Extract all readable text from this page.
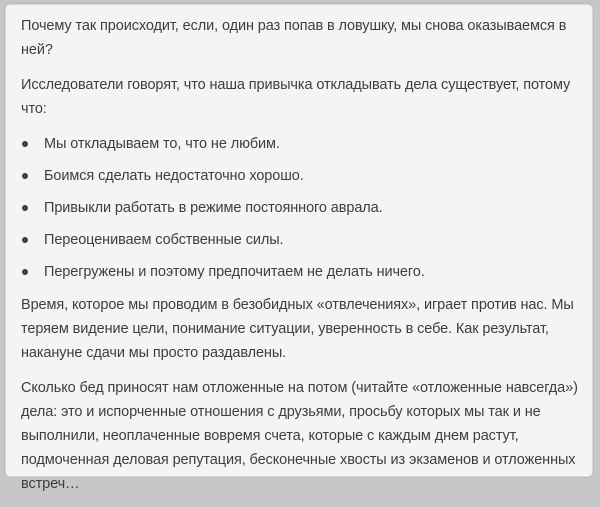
Почему так происходит, если, один раз попав в ловушку, мы снова оказываемся в ней?

Исследователи говорят, что наша привычка откладывать дела существует, потому что:

Мы откладываем то, что не любим.
Боимся сделать недостаточно хорошо.
Привыкли работать в режиме постоянного аврала.
Переоцениваем собственные силы.
Перегружены и поэтому предпочитаем не делать ничего.

Время, которое мы проводим в безобидных «отвлечениях», играет против нас. Мы теряем видение цели, понимание ситуации, уверенность в себе. Как результат, накануне сдачи мы просто раздавлены.

Сколько бед приносят нам отложенные на потом (читайте «отложенные навсегда») дела: это и испорченные отношения с друзьями, просьбу которых мы так и не выполнили, неоплаченные вовремя счета, которые с каждым днем растут, подмоченная деловая репутация, бесконечные хвосты из экзаменов и отложенных встреч…
